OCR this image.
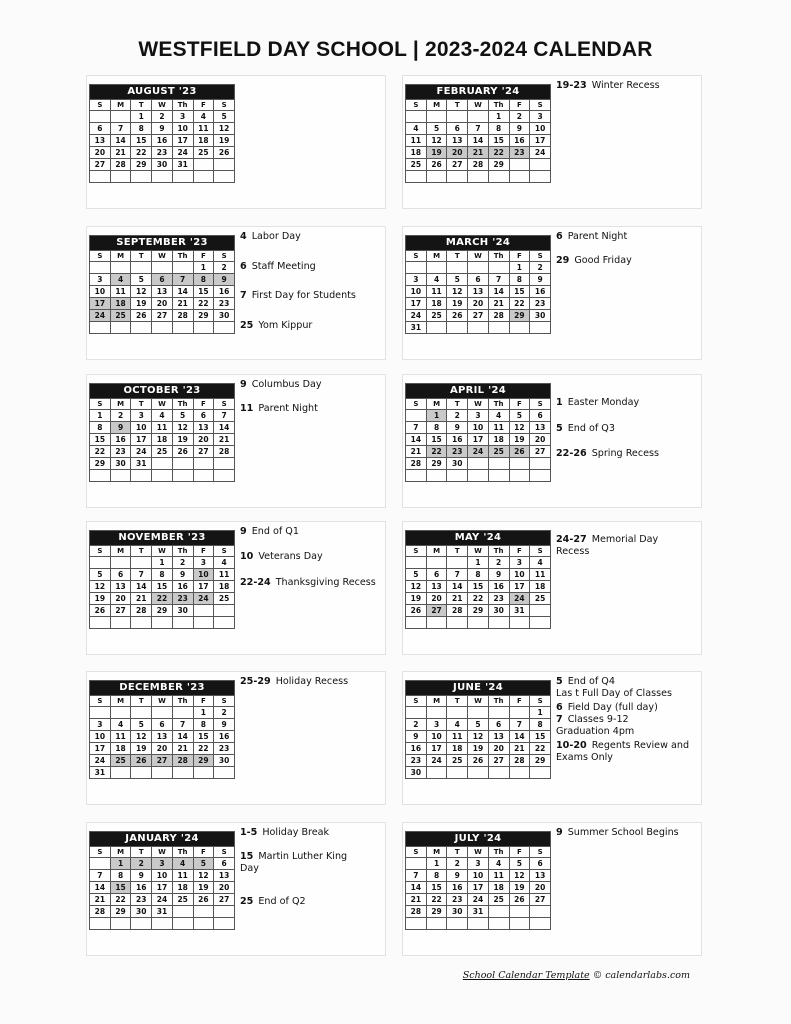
WESTFIELD DAY SCHOOL | 2023-2024 CALENDAR
AUGUST '23						
S	M	T	W	Th	F	S
		1	2	3	4	5
6	7	8	9	10	11	12
13	14	15	16	17	18	19
20	21	22	23	24	25	26
27	28	29	30	31		

FEBRUARY '24						
S	M	T	W	Th	F	S
				1	2	3
4	5	6	7	8	9	10
11	12	13	14	15	16	17
18	19	20	21	22	23	24
25	26	27	28	29		

19-23 Winter Recess
SEPTEMBER '23						
S	M	T	W	Th	F	S
					1	2
3	4	5	6	7	8	9
10	11	12	13	14	15	16
17	18	19	20	21	22	23
24	25	26	27	28	29	30

4 Labor Day
6 Staff Meeting
7 First Day for Students
25 Yom Kippur
MARCH '24						
S	M	T	W	Th	F	S
					1	2
3	4	5	6	7	8	9
10	11	12	13	14	15	16
17	18	19	20	21	22	23
24	25	26	27	28	29	30
31						
6 Parent Night
29 Good Friday
OCTOBER '23						
S	M	T	W	Th	F	S
1	2	3	4	5	6	7
8	9	10	11	12	13	14
15	16	17	18	19	20	21
22	23	24	25	26	27	28
29	30	31				

9 Columbus Day
11 Parent Night
APRIL '24						
S	M	T	W	Th	F	S
	1	2	3	4	5	6
7	8	9	10	11	12	13
14	15	16	17	18	19	20
21	22	23	24	25	26	27
28	29	30				

1 Easter Monday
5 End of Q3
22-26 Spring Recess
NOVEMBER '23						
S	M	T	W	Th	F	S
			1	2	3	4
5	6	7	8	9	10	11
12	13	14	15	16	17	18
19	20	21	22	23	24	25
26	27	28	29	30		

9 End of Q1
10 Veterans Day
22-24 Thanksgiving Recess
MAY '24						
S	M	T	W	Th	F	S
			1	2	3	4
5	6	7	8	9	10	11
12	13	14	15	16	17	18
19	20	21	22	23	24	25
26	27	28	29	30	31	

24-27 Memorial Day
Recess
DECEMBER '23						
S	M	T	W	Th	F	S
					1	2
3	4	5	6	7	8	9
10	11	12	13	14	15	16
17	18	19	20	21	22	23
24	25	26	27	28	29	30
31						
25-29 Holiday Recess
JUNE '24						
S	M	T	W	Th	F	S
						1
2	3	4	5	6	7	8
9	10	11	12	13	14	15
16	17	18	19	20	21	22
23	24	25	26	27	28	29
30						
5 End of Q4
Las t Full Day of Classes
6 Field Day (full day)
7 Classes 9-12
Graduation 4pm
10-20 Regents Review and
Exams Only
JANUARY '24						
S	M	T	W	Th	F	S
	1	2	3	4	5	6
7	8	9	10	11	12	13
14	15	16	17	18	19	20
21	22	23	24	25	26	27
28	29	30	31			

1-5 Holiday Break
15 Martin Luther King
Day
25 End of Q2
JULY '24						
S	M	T	W	Th	F	S
	1	2	3	4	5	6
7	8	9	10	11	12	13
14	15	16	17	18	19	20
21	22	23	24	25	26	27
28	29	30	31			

9 Summer School Begins
School Calendar Template © calendarlabs.com
